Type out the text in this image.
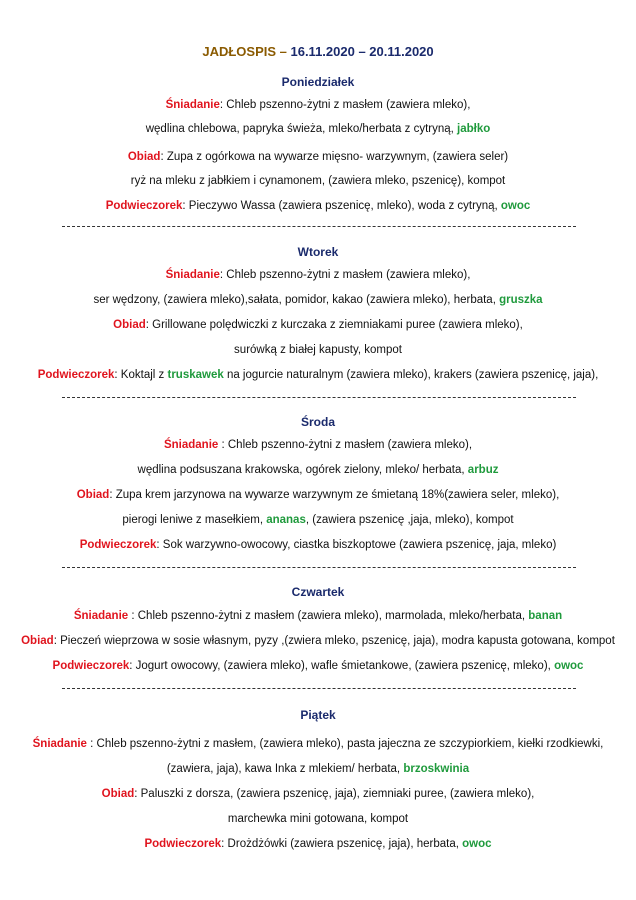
JADŁOSPIS – 16.11.2020 – 20.11.2020
Poniedziałek
Śniadanie: Chleb pszenno-żytni z masłem (zawiera mleko),
wędlina chlebowa, papryka świeża, mleko/herbata z cytryną, jabłko
Obiad: Zupa z ogórkowa na wywarze mięsno- warzywnym, (zawiera seler)
ryż na mleku z jabłkiem i cynamonem, (zawiera mleko, pszenicę), kompot
Podwieczorek: Pieczywo Wassa (zawiera pszenicę, mleko), woda z cytryną, owoc
Wtorek
Śniadanie: Chleb pszenno-żytni z masłem (zawiera mleko),
ser wędzony, (zawiera mleko),sałata, pomidor, kakao (zawiera mleko), herbata, gruszka
Obiad: Grillowane polędwiczki z kurczaka z ziemniakami puree (zawiera mleko),
surówką z białej kapusty, kompot
Podwieczorek: Koktajl z truskawek na jogurcie naturalnym (zawiera mleko), krakers (zawiera pszenicę, jaja),
Środa
Śniadanie : Chleb pszenno-żytni z masłem (zawiera mleko),
wędlina podsuszana krakowska, ogórek zielony, mleko/ herbata, arbuz
Obiad: Zupa krem jarzynowa na wywarze warzywnym ze śmietaną 18%(zawiera seler, mleko),
pierogi leniwe z masełkiem, ananas, (zawiera pszenicę ,jaja, mleko), kompot
Podwieczorek: Sok warzywno-owocowy, ciastka biszkoptowe (zawiera pszenicę, jaja, mleko)
Czwartek
Śniadanie : Chleb pszenno-żytni z masłem (zawiera mleko), marmolada, mleko/herbata, banan
Obiad: Pieczeń wieprzowa w sosie własnym, pyzy ,(zwiera mleko, pszenicę, jaja), modra kapusta gotowana, kompot
Podwieczorek: Jogurt owocowy, (zawiera mleko), wafle śmietankowe, (zawiera pszenicę, mleko), owoc
Piątek
Śniadanie : Chleb pszenno-żytni z masłem, (zawiera mleko), pasta jajeczna ze szczypiorkiem, kiełki rzodkiewki,
(zawiera, jaja), kawa Inka z mlekiem/ herbata, brzoskwinia
Obiad: Paluszki z dorsza, (zawiera pszenicę, jaja), ziemniaki puree, (zawiera mleko),
marchewka mini gotowana, kompot
Podwieczorek: Drożdżówki (zawiera pszenicę, jaja), herbata, owoc
